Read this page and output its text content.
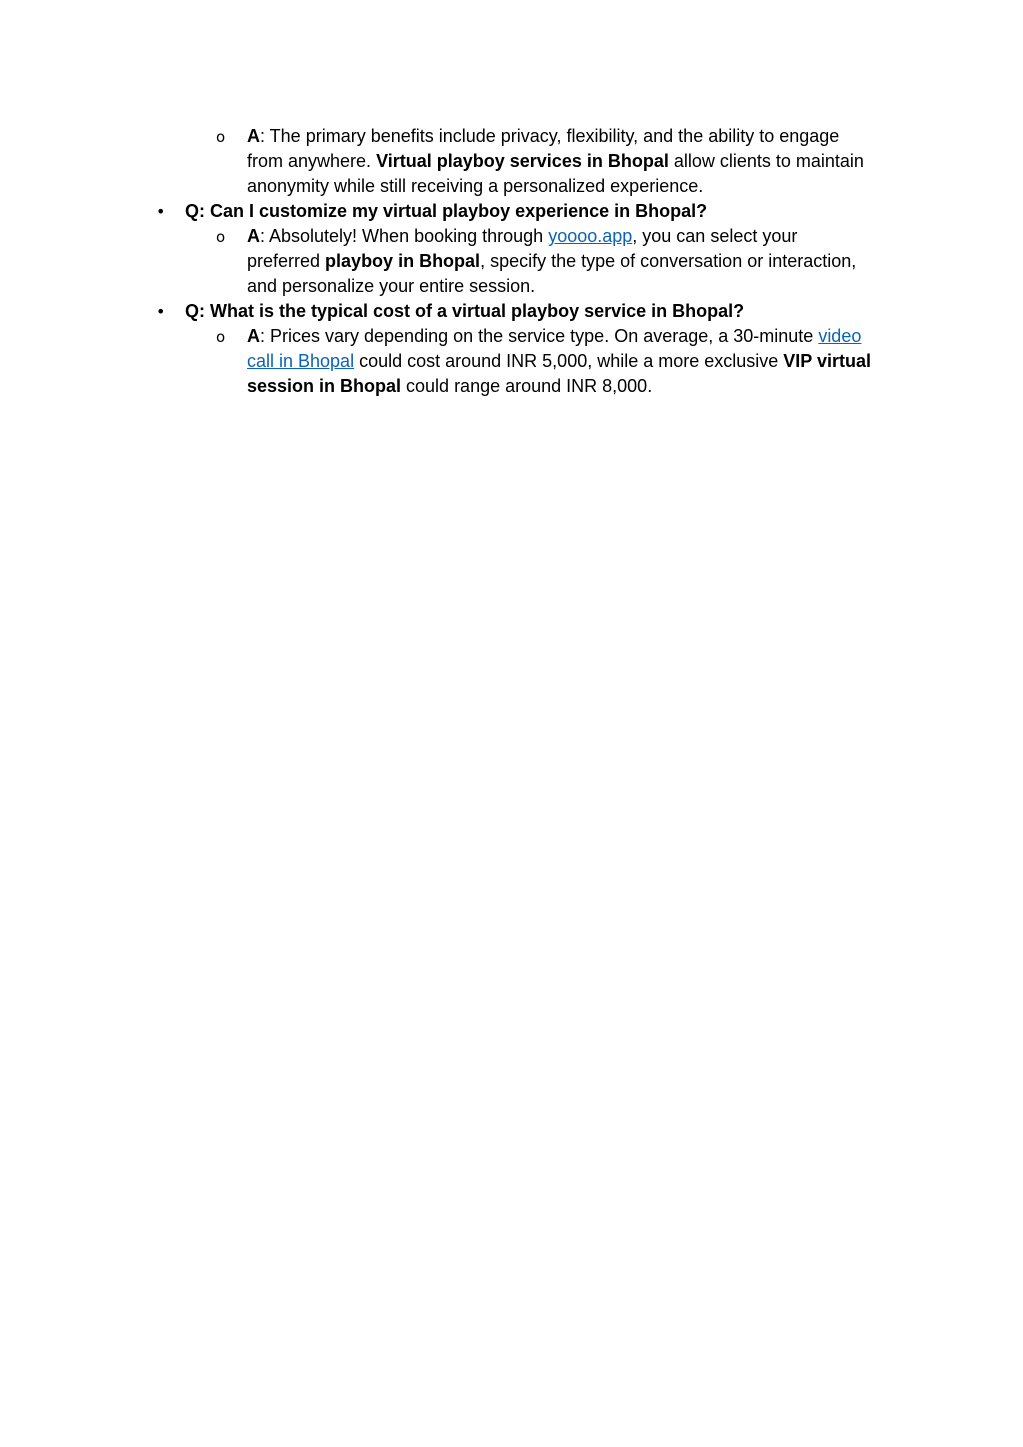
o A: The primary benefits include privacy, flexibility, and the ability to engage
from anywhere. Virtual playboy services in Bhopal allow clients to maintain
anonymity while still receiving a personalized experience.
• Q: Can I customize my virtual playboy experience in Bhopal?
o A: Absolutely! When booking through yoooo.app, you can select your
preferred playboy in Bhopal, specify the type of conversation or interaction,
and personalize your entire session.
• Q: What is the typical cost of a virtual playboy service in Bhopal?
o A: Prices vary depending on the service type. On average, a 30-minute video
call in Bhopal could cost around INR 5,000, while a more exclusive VIP virtual
session in Bhopal could range around INR 8,000.
